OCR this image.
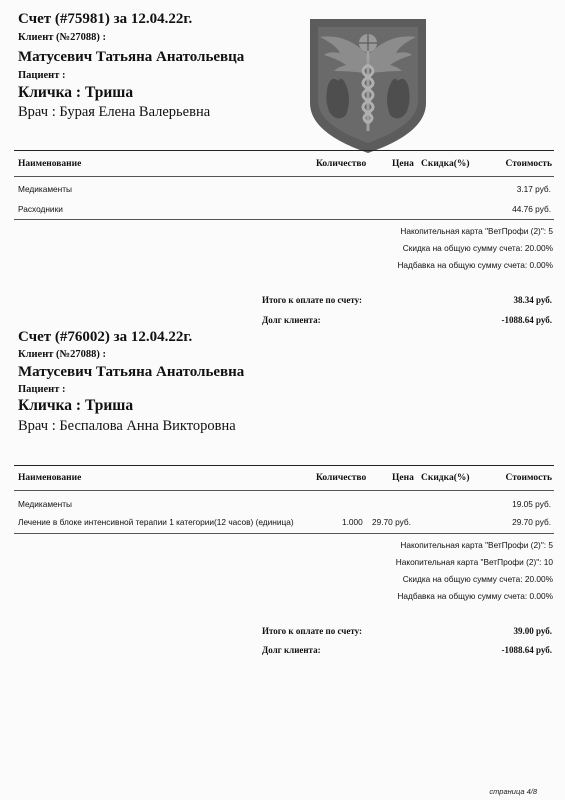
Счет (#75981) за 12.04.22г.
Клиент (№27088) :
Матусевич Татьяна Анатольевца
Пациент :
Кличка : Триша
Врач : Бурая Елена Валерьевна
Наименование	Количество	Цена Скидка(%)	Стоимость
Медикаменты	3.17 руб.
Расходники	44.76 руб.
Накопительная карта "ВетПрофи (2)": 5
Скидка на общую сумму счета: 20.00%
Надбавка на общую сумму счета: 0.00%
Итого к оплате по счету:	38.34 руб.
Долг клиента:	-1088.64 руб.
Счет (#76002) за 12.04.22г.
Клиент (№27088) :
Матусевич Татьяна Анатольевна
Пациент :
Кличка : Триша
Врач : Беспалова Анна Викторовна
Наименование	Количество	Цена Скидка(%)	Стоимость
Медикаменты	19.05 руб.
Лечение в блоке интенсивной терапии 1 категории(12 часов) (единица)	1.000 29.70 руб.	29.70 руб.
Накопительная карта "ВетПрофи (2)": 5
Накопительная карта "ВетПрофи (2)": 10
Скидка на общую сумму счета: 20.00%
Надбавка на общую сумму счета: 0.00%
Итого к оплате по счету:	39.00 руб.
Долг клиента:	-1088.64 руб.
страница 4/8
